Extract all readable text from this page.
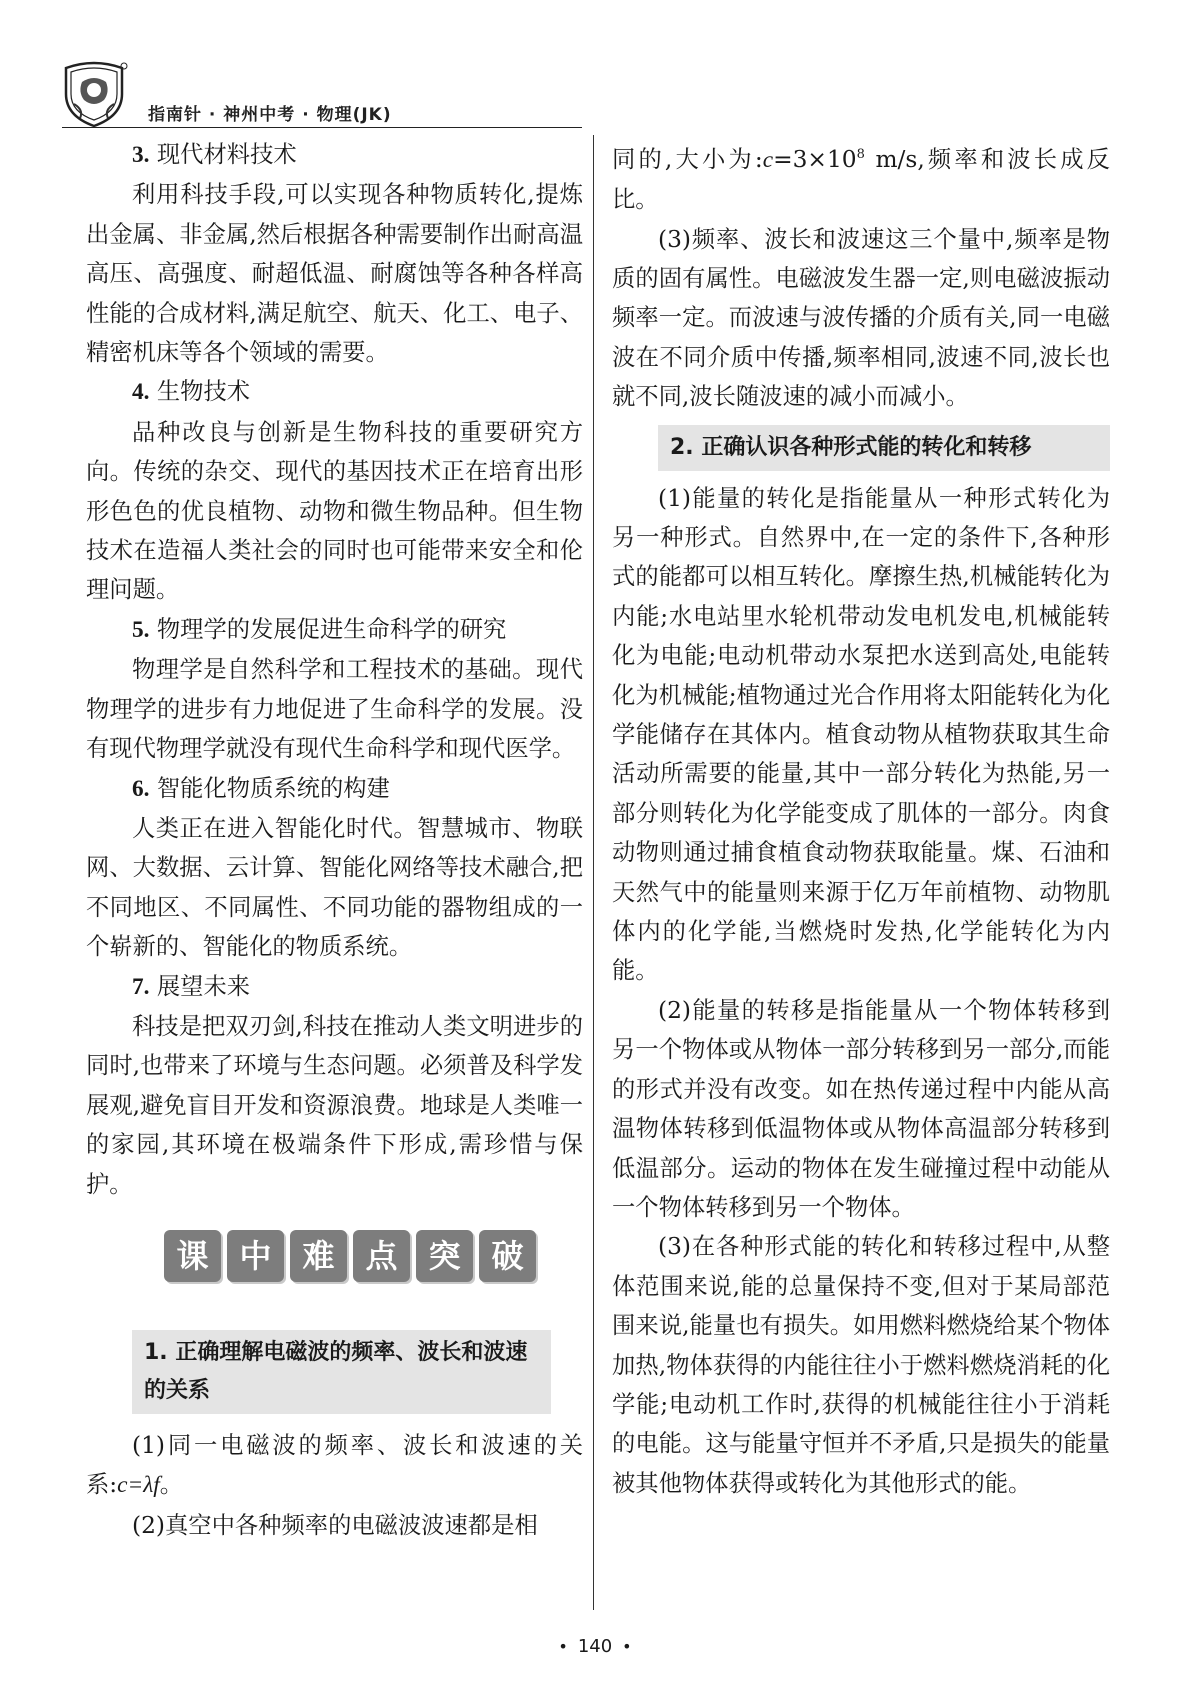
指南针 · 神州中考 · 物理(JK)

3. 现代材料技术

利用科技手段,可以实现各种物质转化,提炼出金属、非金属,然后根据各种需要制作出耐高温高压、高强度、耐超低温、耐腐蚀等各种各样高性能的合成材料,满足航空、航天、化工、电子、精密机床等各个领域的需要。

4. 生物技术

品种改良与创新是生物科技的重要研究方向。传统的杂交、现代的基因技术正在培育出形形色色的优良植物、动物和微生物品种。但生物技术在造福人类社会的同时也可能带来安全和伦理问题。

5. 物理学的发展促进生命科学的研究

物理学是自然科学和工程技术的基础。现代物理学的进步有力地促进了生命科学的发展。没有现代物理学就没有现代生命科学和现代医学。

6. 智能化物质系统的构建

人类正在进入智能化时代。智慧城市、物联网、大数据、云计算、智能化网络等技术融合,把不同地区、不同属性、不同功能的器物组成的一个崭新的、智能化的物质系统。

7. 展望未来

科技是把双刃剑,科技在推动人类文明进步的同时,也带来了环境与生态问题。必须普及科学发展观,避免盲目开发和资源浪费。地球是人类唯一的家园,其环境在极端条件下形成,需珍惜与保护。

课 中 难 点 突 破
1. 正确理解电磁波的频率、波长和波速的关系

(1)同一电磁波的频率、波长和波速的关系:c=λf。

(2)真空中各种频率的电磁波波速都是相

同的,大小为$:c=3\times 10^8$ m/s,频率和波长成反比。

(3)频率、波长和波速这三个量中,频率是物质的固有属性。电磁波发生器一定,则电磁波振动频率一定。而波速与波传播的介质有关,同一电磁波在不同介质中传播,频率相同,波速不同,波长也就不同,波长随波速的减小而减小。

2. 正确认识各种形式能的转化和转移

(1)能量的转化是指能量从一种形式转化为另一种形式。自然界中,在一定的条件下,各种形式的能都可以相互转化。摩擦生热,机械能转化为内能;水电站里水轮机带动发电机发电,机械能转化为电能;电动机带动水泵把水送到高处,电能转化为机械能;植物通过光合作用将太阳能转化为化学能储存在其体内。植食动物从植物获取其生命活动所需要的能量,其中一部分转化为热能,另一部分则转化为化学能变成了肌体的一部分。肉食动物则通过捕食植食动物获取能量。煤、石油和天然气中的能量则来源于亿万年前植物、动物肌体内的化学能,当燃烧时发热,化学能转化为内能。

(2)能量的转移是指能量从一个物体转移到另一个物体或从物体一部分转移到另一部分,而能的形式并没有改变。如在热传递过程中内能从高温物体转移到低温物体或从物体高温部分转移到低温部分。运动的物体在发生碰撞过程中动能从一个物体转移到另一个物体。

(3)在各种形式能的转化和转移过程中,从整体范围来说,能的总量保持不变,但对于某局部范围来说,能量也有损失。如用燃料燃烧给某个物体加热,物体获得的内能往往小于燃料燃烧消耗的化学能;电动机工作时,获得的机械能往往小于消耗的电能。这与能量守恒并不矛盾,只是损失的能量被其他物体获得或转化为其他形式的能。

• 140 •
